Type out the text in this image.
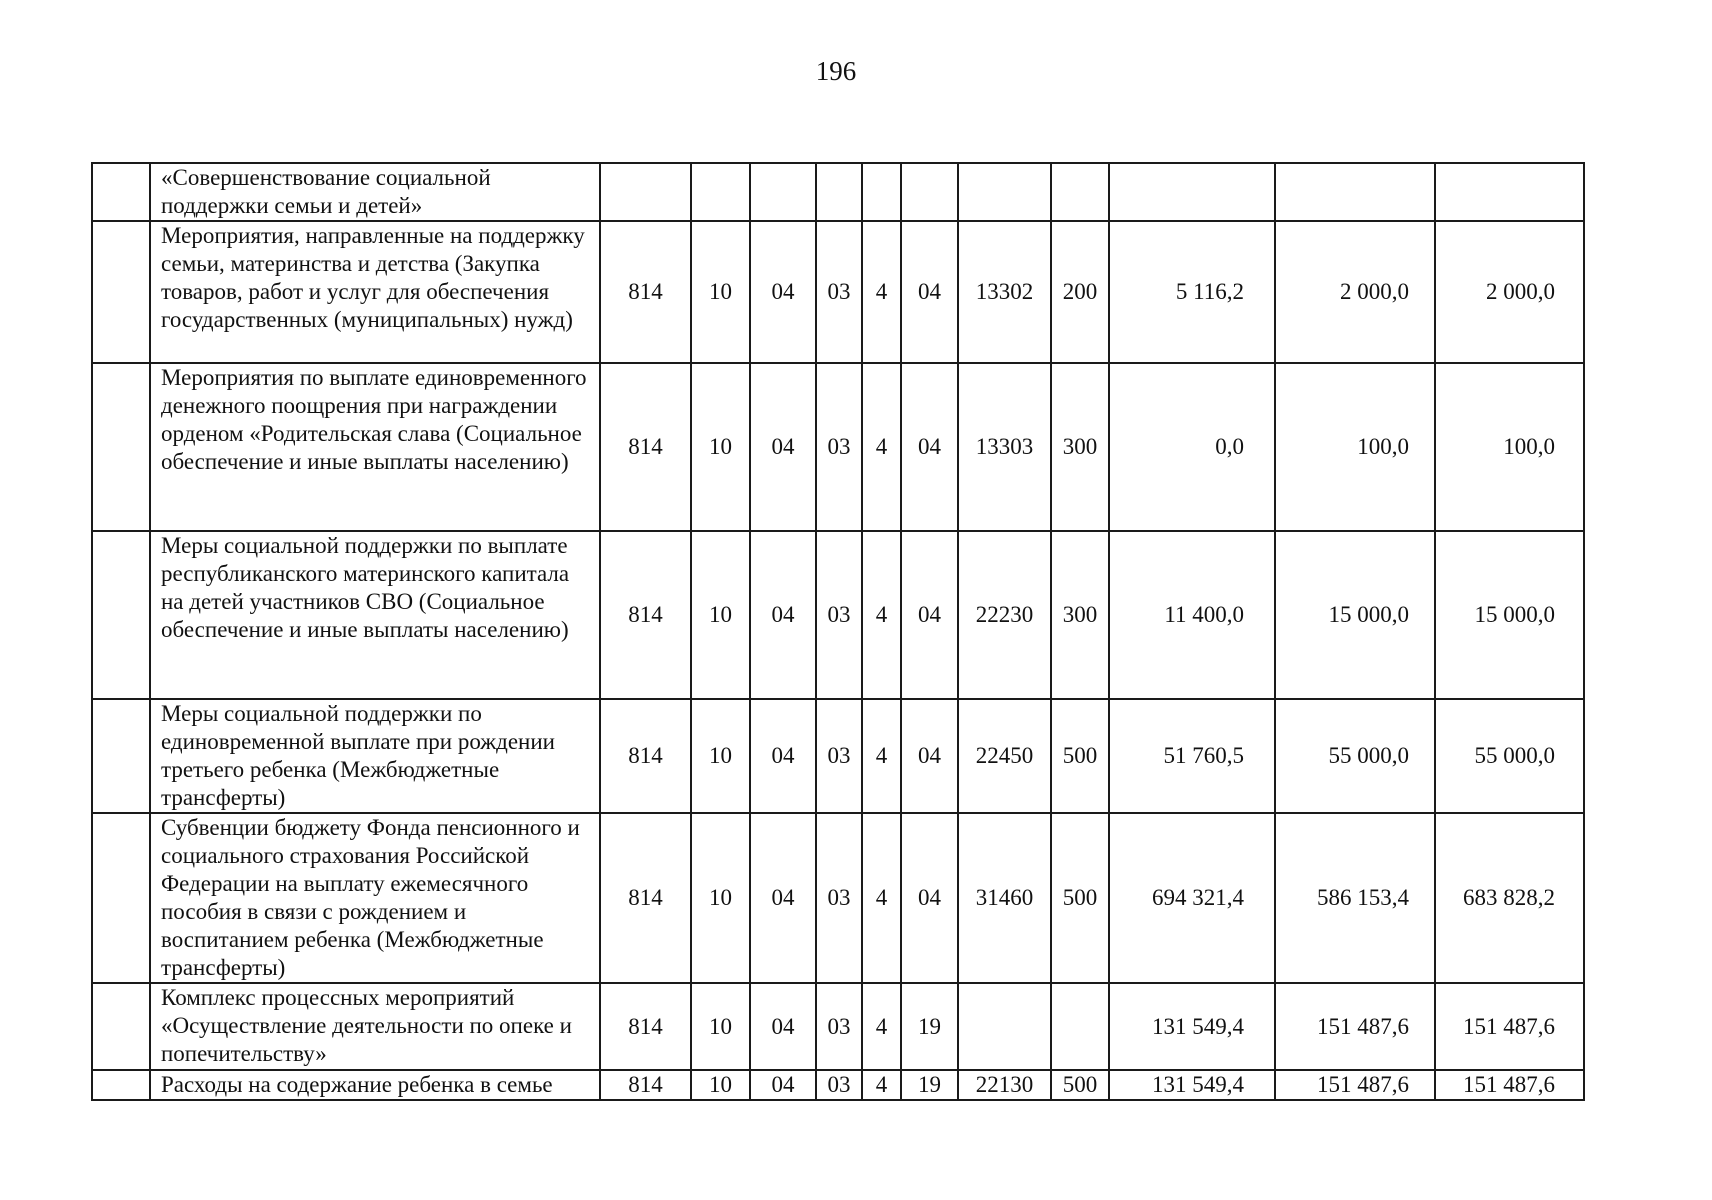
196
	«Совершенствование социальной поддержки семьи и детей»											
	Мероприятия, направленные на поддержку семьи, материнства и детства (Закупка товаров, работ и услуг для обеспечения государственных (муниципальных) нужд)	814	10	04	03	4	04	13302	200	5 116,2	2 000,0	2 000,0
	Мероприятия по выплате единовременного денежного поощрения при награждении орденом «Родительская слава (Социальное обеспечение и иные выплаты населению)	814	10	04	03	4	04	13303	300	0,0	100,0	100,0
	Меры социальной поддержки по выплате республиканского материнского капитала на детей участников СВО (Социальное обеспечение и иные выплаты населению)	814	10	04	03	4	04	22230	300	11 400,0	15 000,0	15 000,0
	Меры социальной поддержки по единовременной выплате при рождении третьего ребенка (Межбюджетные трансферты)	814	10	04	03	4	04	22450	500	51 760,5	55 000,0	55 000,0
	Субвенции бюджету Фонда пенсионного и социального страхования Российской Федерации на выплату ежемесячного пособия в связи с рождением и воспитанием ребенка (Межбюджетные трансферты)	814	10	04	03	4	04	31460	500	694 321,4	586 153,4	683 828,2
	Комплекс процессных мероприятий «Осуществление деятельности по опеке и попечительству»	814	10	04	03	4	19			131 549,4	151 487,6	151 487,6
	Расходы на содержание ребенка в семье	814	10	04	03	4	19	22130	500	131 549,4	151 487,6	151 487,6
